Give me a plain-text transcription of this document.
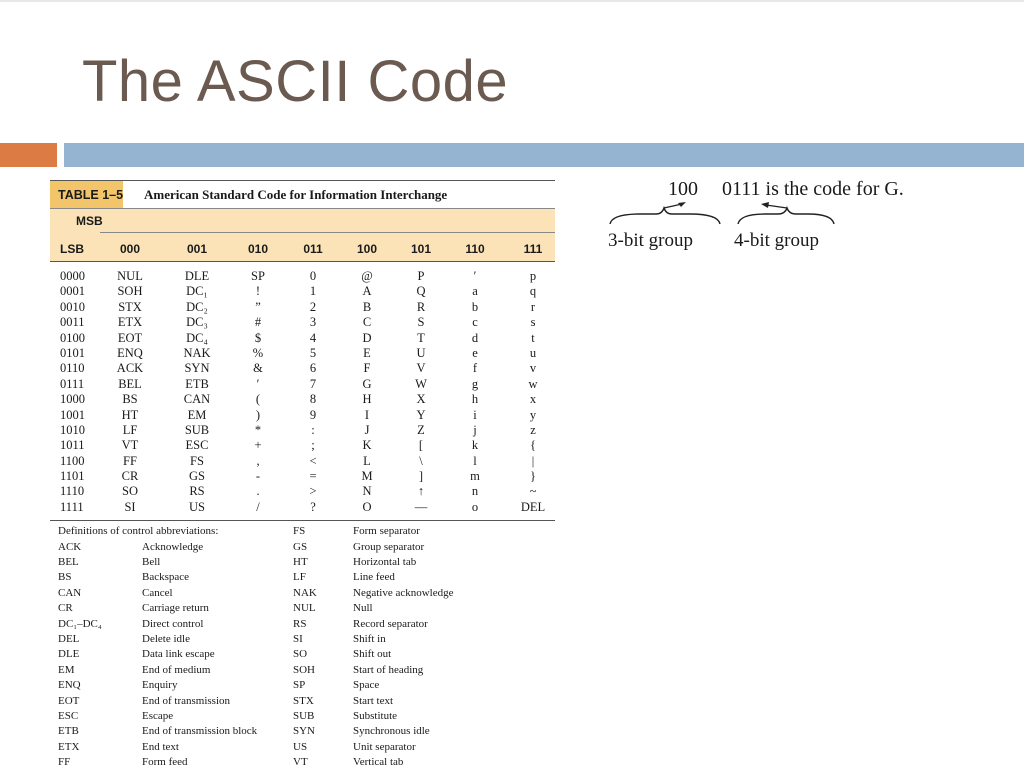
The ASCII Code
TABLE 1–5	American Standard Code for Information Interchange
MSB
LSB	000	001	010	011	100	101	110	111
0000	NUL	DLE	SP	0	@	P	′	p
0001	SOH	DC₁	!	1	A	Q	a	q
0010	STX	DC₂	”	2	B	R	b	r
0011	ETX	DC₃	#	3	C	S	c	s
0100	EOT	DC₄	$	4	D	T	d	t
0101	ENQ	NAK	%	5	E	U	e	u
0110	ACK	SYN	&	6	F	V	f	v
0111	BEL	ETB	′	7	G	W	g	w
1000	BS	CAN	(	8	H	X	h	x
1001	HT	EM	)	9	I	Y	i	y
1010	LF	SUB	*	:	J	Z	j	z
1011	VT	ESC	+	;	K	[	k	{
1100	FF	FS	,	<	L	\	l	|
1101	CR	GS	-	=	M	]	m	}
1110	SO	RS	.	>	N	↑	n	~
1111	SI	US	/	?	O	—	o	DEL
Definitions of control abbreviations:
ACK	Acknowledge
BEL	Bell
BS	Backspace
CAN	Cancel
CR	Carriage return
DC₁–DC₄	Direct control
DEL	Delete idle
DLE	Data link escape
EM	End of medium
ENQ	Enquiry
EOT	End of transmission
ESC	Escape
ETB	End of transmission block
ETX	End text
FF	Form feed
FS	Form separator
GS	Group separator
HT	Horizontal tab
LF	Line feed
NAK	Negative acknowledge
NUL	Null
RS	Record separator
SI	Shift in
SO	Shift out
SOH	Start of heading
SP	Space
STX	Start text
SUB	Substitute
SYN	Synchronous idle
US	Unit separator
VT	Vertical tab
100 0111 is the code for G.
3-bit group 4-bit group
